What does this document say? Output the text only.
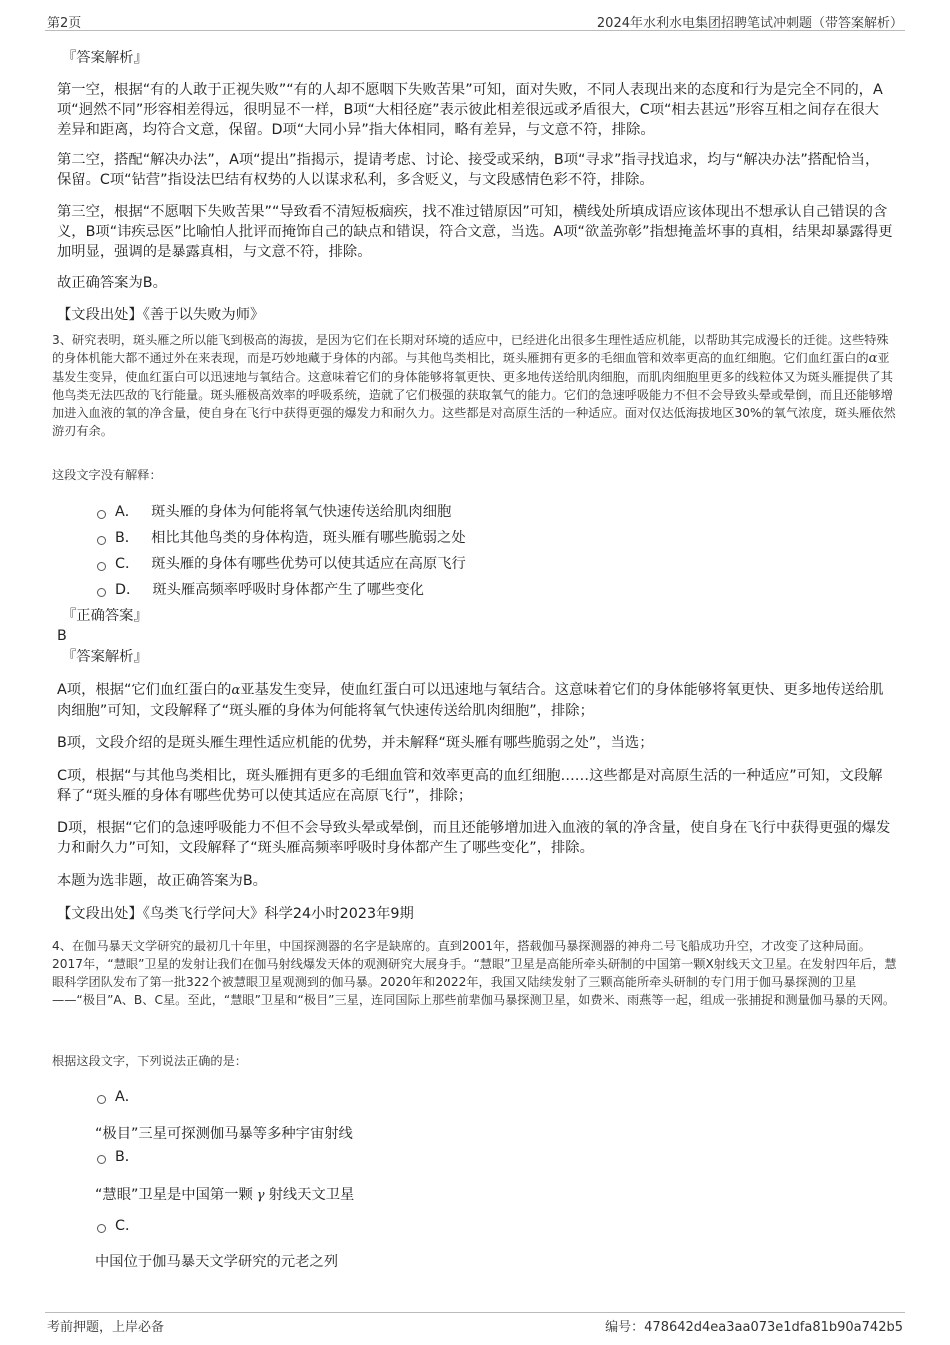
第2页	2024年水利水电集团招聘笔试冲刺题（带答案解析）

『答案解析』

第一空，根据“有的人敢于正视失败”“有的人却不愿咽下失败苦果”可知，面对失败，不同人表现出来的态度和行为是完全不同的，A项“迥然不同”形容相差得远，很明显不一样，B项“大相径庭”表示彼此相差很远或矛盾很大，C项“相去甚远”形容互相之间存在很大差异和距离，均符合文意，保留。D项“大同小异”指大体相同，略有差异，与文意不符，排除。

第二空，搭配“解决办法”，A项“提出”指揭示，提请考虑、讨论、接受或采纳，B项“寻求”指寻找追求，均与“解决办法”搭配恰当，保留。C项“钻营”指设法巴结有权势的人以谋求私利，多含贬义，与文段感情色彩不符，排除。

第三空，根据“不愿咽下失败苦果”“导致看不清短板痼疾，找不准过错原因”可知，横线处所填成语应该体现出不想承认自己错误的含义，B项“讳疾忌医”比喻怕人批评而掩饰自己的缺点和错误，符合文意，当选。A项“欲盖弥彰”指想掩盖坏事的真相，结果却暴露得更加明显，强调的是暴露真相，与文意不符，排除。

故正确答案为B。

【文段出处】《善于以失败为师》

3、研究表明，斑头雁之所以能飞到极高的海拔，是因为它们在长期对环境的适应中，已经进化出很多生理性适应机能，以帮助其完成漫长的迁徙。这些特殊的身体机能大都不通过外在来表现，而是巧妙地藏于身体的内部。与其他鸟类相比，斑头雁拥有更多的毛细血管和效率更高的血红细胞。它们血红蛋白的α亚基发生变异，使血红蛋白可以迅速地与氧结合。这意味着它们的身体能够将氧更快、更多地传送给肌肉细胞，而肌肉细胞里更多的线粒体又为斑头雁提供了其他鸟类无法匹敌的飞行能量。斑头雁极高效率的呼吸系统，造就了它们极强的获取氧气的能力。它们的急速呼吸能力不但不会导致头晕或晕倒，而且还能够增加进入血液的氧的净含量，使自身在飞行中获得更强的爆发力和耐久力。这些都是对高原生活的一种适应。面对仅达低海拔地区30%的氧气浓度，斑头雁依然游刃有余。

这段文字没有解释：

A． 斑头雁的身体为何能将氧气快速传送给肌肉细胞
B． 相比其他鸟类的身体构造，斑头雁有哪些脆弱之处
C． 斑头雁的身体有哪些优势可以使其适应在高原飞行
D． 斑头雁高频率呼吸时身体都产生了哪些变化

『正确答案』

B

『答案解析』

A项，根据“它们血红蛋白的α亚基发生变异，使血红蛋白可以迅速地与氧结合。这意味着它们的身体能够将氧更快、更多地传送给肌肉细胞”可知，文段解释了“斑头雁的身体为何能将氧气快速传送给肌肉细胞”，排除；

B项，文段介绍的是斑头雁生理性适应机能的优势，并未解释“斑头雁有哪些脆弱之处”，当选；

C项，根据“与其他鸟类相比，斑头雁拥有更多的毛细血管和效率更高的血红细胞……这些都是对高原生活的一种适应”可知，文段解释了“斑头雁的身体有哪些优势可以使其适应在高原飞行”，排除；

D项，根据“它们的急速呼吸能力不但不会导致头晕或晕倒，而且还能够增加进入血液的氧的净含量，使自身在飞行中获得更强的爆发力和耐久力”可知，文段解释了“斑头雁高频率呼吸时身体都产生了哪些变化”，排除。

本题为选非题，故正确答案为B。

【文段出处】《鸟类飞行学问大》科学24小时2023年9期

4、在伽马暴天文学研究的最初几十年里，中国探测器的名字是缺席的。直到2001年，搭载伽马暴探测器的神舟二号飞船成功升空，才改变了这种局面。2017年，“慧眼”卫星的发射让我们在伽马射线爆发天体的观测研究大展身手。“慧眼”卫星是高能所牵头研制的中国第一颗X射线天文卫星。在发射四年后，慧眼科学团队发布了第一批322个被慧眼卫星观测到的伽马暴。2020年和2022年，我国又陆续发射了三颗高能所牵头研制的专门用于伽马暴探测的卫星——“极目”A、B、C星。至此，“慧眼”卫星和“极目”三星，连同国际上那些前辈伽马暴探测卫星，如费米、雨燕等一起，组成一张捕捉和测量伽马暴的天网。

根据这段文字，下列说法正确的是：

A．

“极目”三星可探测伽马暴等多种宇宙射线

B．

“慧眼”卫星是中国第一颗 γ 射线天文卫星

C．

中国位于伽马暴天文学研究的元老之列

考前押题，上岸必备	编号：478642d4ea3aa073e1dfa81b90a742b5
